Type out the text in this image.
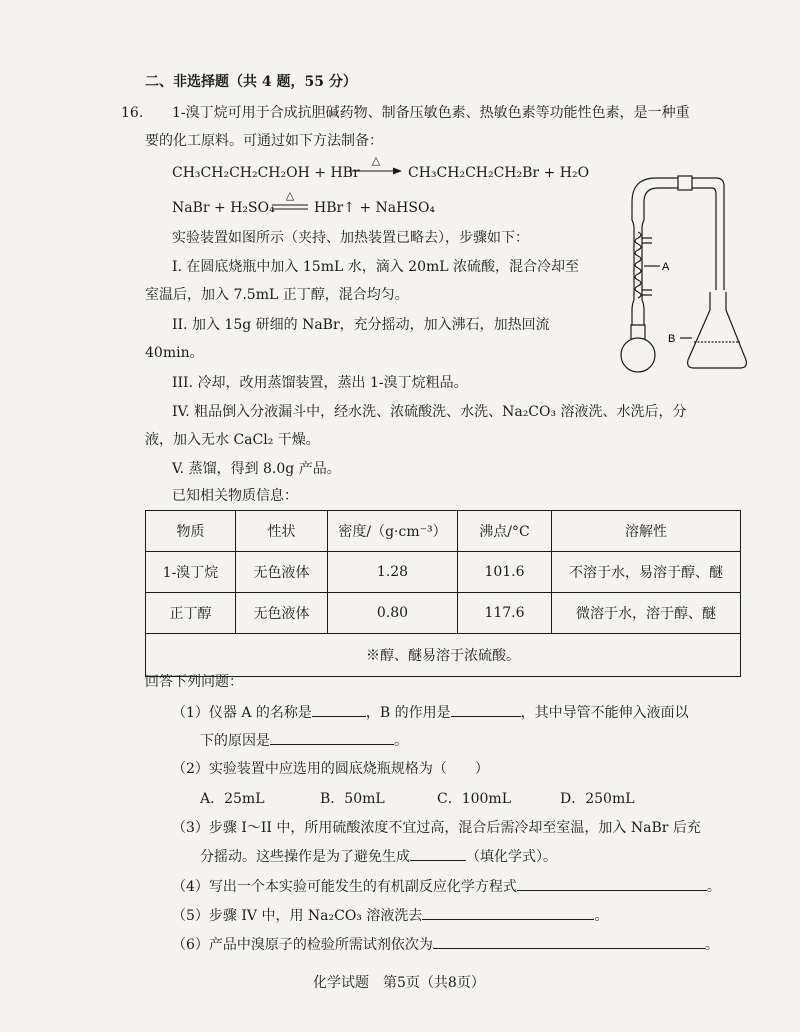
二、非选择题（共 4 题，55 分）
16. 1-溴丁烷可用于合成抗胆碱药物、制备压敏色素、热敏色素等功能性色素，是一种重
要的化工原料。可通过如下方法制备：
CH₃CH₂CH₂CH₂OH + HBr
△
CH₃CH₂CH₂CH₂Br + H₂O
NaBr + H₂SO₄
△
HBr↑ + NaHSO₄
实验装置如图所示（夹持、加热装置已略去），步骤如下：
I. 在圆底烧瓶中加入 15mL 水，滴入 20mL 浓硫酸，混合冷却至
室温后，加入 7.5mL 正丁醇，混合均匀。
II. 加入 15g 研细的 NaBr，充分摇动，加入沸石，加热回流
40min。
III. 冷却，改用蒸馏装置，蒸出 1-溴丁烷粗品。
IV. 粗品倒入分液漏斗中，经水洗、浓硫酸洗、水洗、Na₂CO₃ 溶液洗、水洗后，分
液，加入无水 CaCl₂ 干燥。
V. 蒸馏，得到 8.0g 产品。
A
B
已知相关物质信息：
物质	性状	密度/（g·cm⁻³）	沸点/°C	溶解性
1-溴丁烷	无色液体	1.28	101.6	不溶于水，易溶于醇、醚
正丁醇	无色液体	0.80	117.6	微溶于水，溶于醇、醚
※醇、醚易溶于浓硫酸。				
回答下列问题：
（1）仪器 A 的名称是	，B 的作用是	，其中导管不能伸入液面以
下的原因是	。
（2）实验装置中应选用的圆底烧瓶规格为（　　）
A．25mL	B．50mL	C．100mL	D．250mL
（3）步骤 I～II 中，所用硫酸浓度不宜过高，混合后需冷却至室温，加入 NaBr 后充
分摇动。这些操作是为了避免生成	（填化学式）。
（4）写出一个本实验可能发生的有机副反应化学方程式	。
（5）步骤 IV 中，用 Na₂CO₃ 溶液洗去	。
（6）产品中溴原子的检验所需试剂依次为	。
化学试题　第5页（共8页）
